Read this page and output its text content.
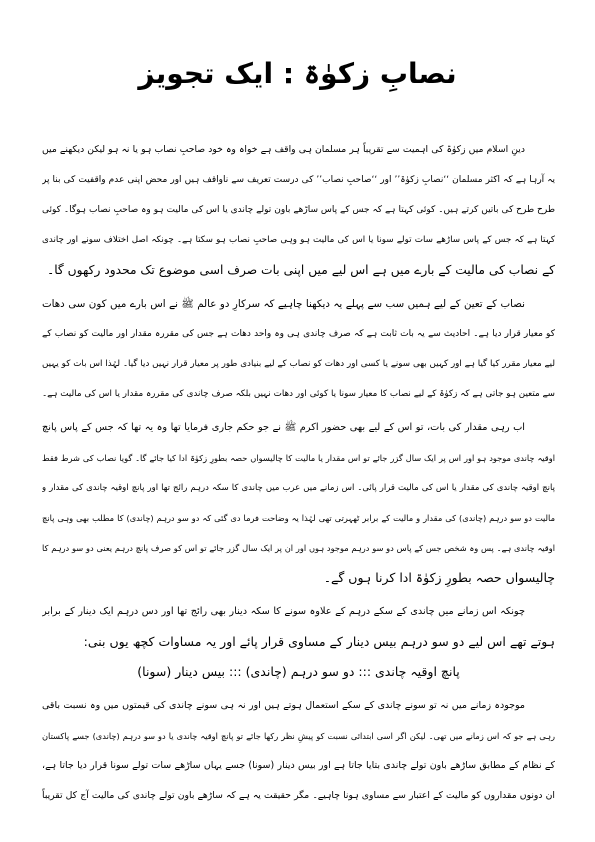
نصابِ زکوٰۃ : ایک تجویز
دینِ اسلام میں زکوٰۃ کی اہمیت سے تقریباً ہر مسلمان ہی واقف ہے خواہ وہ خود صاحبِ نصاب ہو یا نہ ہو لیکن دیکھنے میں
یہ آرہا ہے کہ اکثر مسلمان ‘‘نصابِ زکوٰۃ’’ اور ‘‘صاحبِ نصاب’’ کی درست تعریف سے ناواقف ہیں اور محض اپنی عدم واقفیت کی بنا پر
طرح طرح کی باتیں کرتے ہیں۔ کوئی کہتا ہے کہ جس کے پاس ساڑھے باون تولے چاندی یا اس کی مالیت ہو وہ صاحبِ نصاب ہوگا۔ کوئی
کہتا ہے کہ جس کے پاس ساڑھے سات تولے سونا یا اس کی مالیت ہو وہی صاحبِ نصاب ہو سکتا ہے۔ چونکہ اصل اختلاف سونے اور چاندی
کے نصاب کی مالیت کے بارے میں ہے اس لیے میں اپنی بات صرف اسی موضوع تک محدود رکھوں گا۔
نصاب کے تعین کے لیے ہمیں سب سے پہلے یہ دیکھنا چاہیے کہ سرکارِ دو عالم ﷺ نے اس بارے میں کون سی دھات
کو معیار قرار دیا ہے۔ احادیث سے یہ بات ثابت ہے کہ صرف چاندی ہی وہ واحد دھات ہے جس کی مقررہ مقدار اور مالیت کو نصاب کے
لیے معیار مقرر کیا گیا ہے اور کہیں بھی سونے یا کسی اور دھات کو نصاب کے لیے بنیادی طور پر معیار قرار نہیں دیا گیا۔ لہٰذا اس بات کو یہیں
سے متعین ہو جاتی ہے کہ زکوٰۃ کے لیے نصاب کا معیار سونا یا کوئی اور دھات نہیں بلکہ صرف چاندی کی مقررہ مقدار یا اس کی مالیت ہے۔
اب رہی مقدار کی بات، تو اس کے لیے بھی حضور اکرم ﷺ نے جو حکم جاری فرمایا تھا وہ یہ تھا کہ جس کے پاس پانچ
اوقیہ چاندی موجود ہو اور اس پر ایک سال گزر جائے تو اس مقدار یا مالیت کا چالیسواں حصہ بطورِ زکوٰۃ ادا کیا جائے گا۔ گویا نصاب کی شرط فقط
پانچ اوقیہ چاندی کی مقدار یا اس کی مالیت قرار پائی۔ اس زمانے میں عرب میں چاندی کا سکہ درہم رائج تھا اور پانچ اوقیہ چاندی کی مقدار و
مالیت دو سو درہم (چاندی) کی مقدار و مالیت کے برابر ٹھہرتی تھی لہٰذا یہ وضاحت فرما دی گئی کہ دو سو درہم (چاندی) کا مطلب بھی وہی پانچ
اوقیہ چاندی ہے۔ پس وہ شخص جس کے پاس دو سو درہم موجود ہوں اور ان پر ایک سال گزر جائے تو اس کو صرف پانچ درہم یعنی دو سو درہم کا
چالیسواں حصہ بطورِ زکوٰۃ ادا کرنا ہوں گے۔
چونکہ اس زمانے میں چاندی کے سکے درہم کے علاوہ سونے کا سکہ دینار بھی رائج تھا اور دس درہم ایک دینار کے برابر
ہوتے تھے اس لیے دو سو درہم بیس دینار کے مساوی قرار پائے اور یہ مساوات کچھ یوں بنی:
پانچ اوقیہ چاندی ::: دو سو درہم (چاندی) ::: بیس دینار (سونا)
موجودہ زمانے میں نہ تو سونے چاندی کے سکے استعمال ہوتے ہیں اور نہ ہی سونے چاندی کی قیمتوں میں وہ نسبت باقی
رہی ہے جو کہ اس زمانے میں تھی۔ لیکن اگر اسی ابتدائی نسبت کو پیشِ نظر رکھا جائے تو پانچ اوقیہ چاندی یا دو سو درہم (چاندی) جسے پاکستان
کے نظام کے مطابق ساڑھے باون تولے چاندی بتایا جاتا ہے اور بیس دینار (سونا) جسے یہاں ساڑھے سات تولے سونا قرار دیا جاتا ہے،
ان دونوں مقداروں کو مالیت کے اعتبار سے مساوی ہونا چاہیے۔ مگر حقیقت یہ ہے کہ ساڑھے باون تولے چاندی کی مالیت آج کل تقریباً
